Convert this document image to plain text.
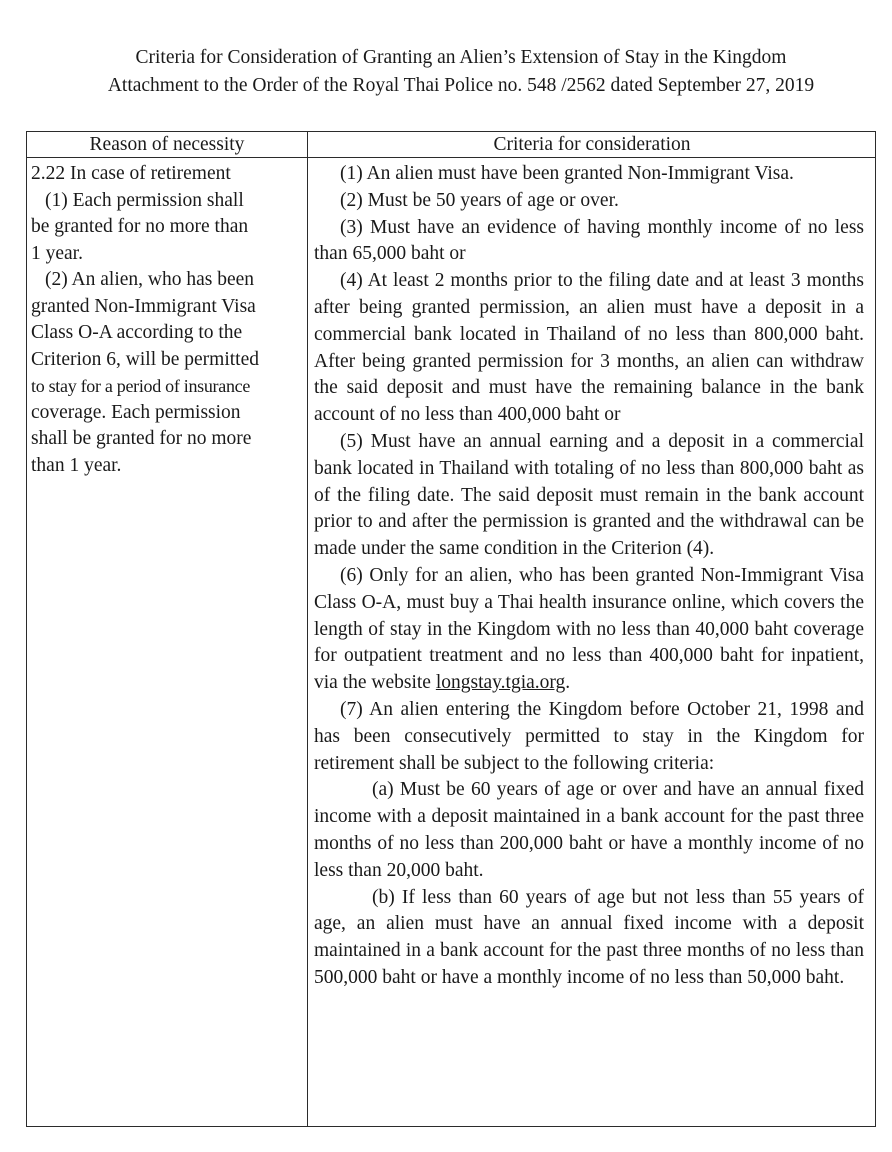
Criteria for Consideration of Granting an Alien’s Extension of Stay in the Kingdom
Attachment to the Order of the Royal Thai Police no. 548 /2562 dated September 27, 2019
Reason of necessity	Criteria for consideration
2.22 In case of retirement
(1) Each permission shall
be granted for no more than
1 year.
(2) An alien, who has been
granted Non-Immigrant Visa
Class O-A according to the
Criterion 6, will be permitted
to stay for a period of insurance
coverage. Each permission
shall be granted for no more
than 1 year.

(1) An alien must have been granted Non-Immigrant Visa.

(2) Must be 50 years of age or over.

(3) Must have an evidence of having monthly income of no less than 65,000 baht or

(4) At least 2 months prior to the filing date and at least 3 months after being granted permission, an alien must have a deposit in a commercial bank located in Thailand of no less than 800,000 baht. After being granted permission for 3 months, an alien can withdraw the said deposit and must have the remaining balance in the bank account of no less than 400,000 baht or

(5) Must have an annual earning and a deposit in a commercial bank located in Thailand with totaling of no less than 800,000 baht as of the filing date. The said deposit must remain in the bank account prior to and after the permission is granted and the withdrawal can be made under the same condition in the Criterion (4).

(6) Only for an alien, who has been granted Non-Immigrant Visa Class O-A, must buy a Thai health insurance online, which covers the length of stay in the Kingdom with no less than 40,000 baht coverage for outpatient treatment and no less than 400,000 baht for inpatient, via the website longstay.tgia.org.

(7) An alien entering the Kingdom before October 21, 1998 and has been consecutively permitted to stay in the Kingdom for retirement shall be subject to the following criteria:

(a) Must be 60 years of age or over and have an annual fixed income with a deposit maintained in a bank account for the past three months of no less than 200,000 baht or have a monthly income of no less than 20,000 baht.

(b) If less than 60 years of age but not less than 55 years of age, an alien must have an annual fixed income with a deposit maintained in a bank account for the past three months of no less than 500,000 baht or have a monthly income of no less than 50,000 baht.
